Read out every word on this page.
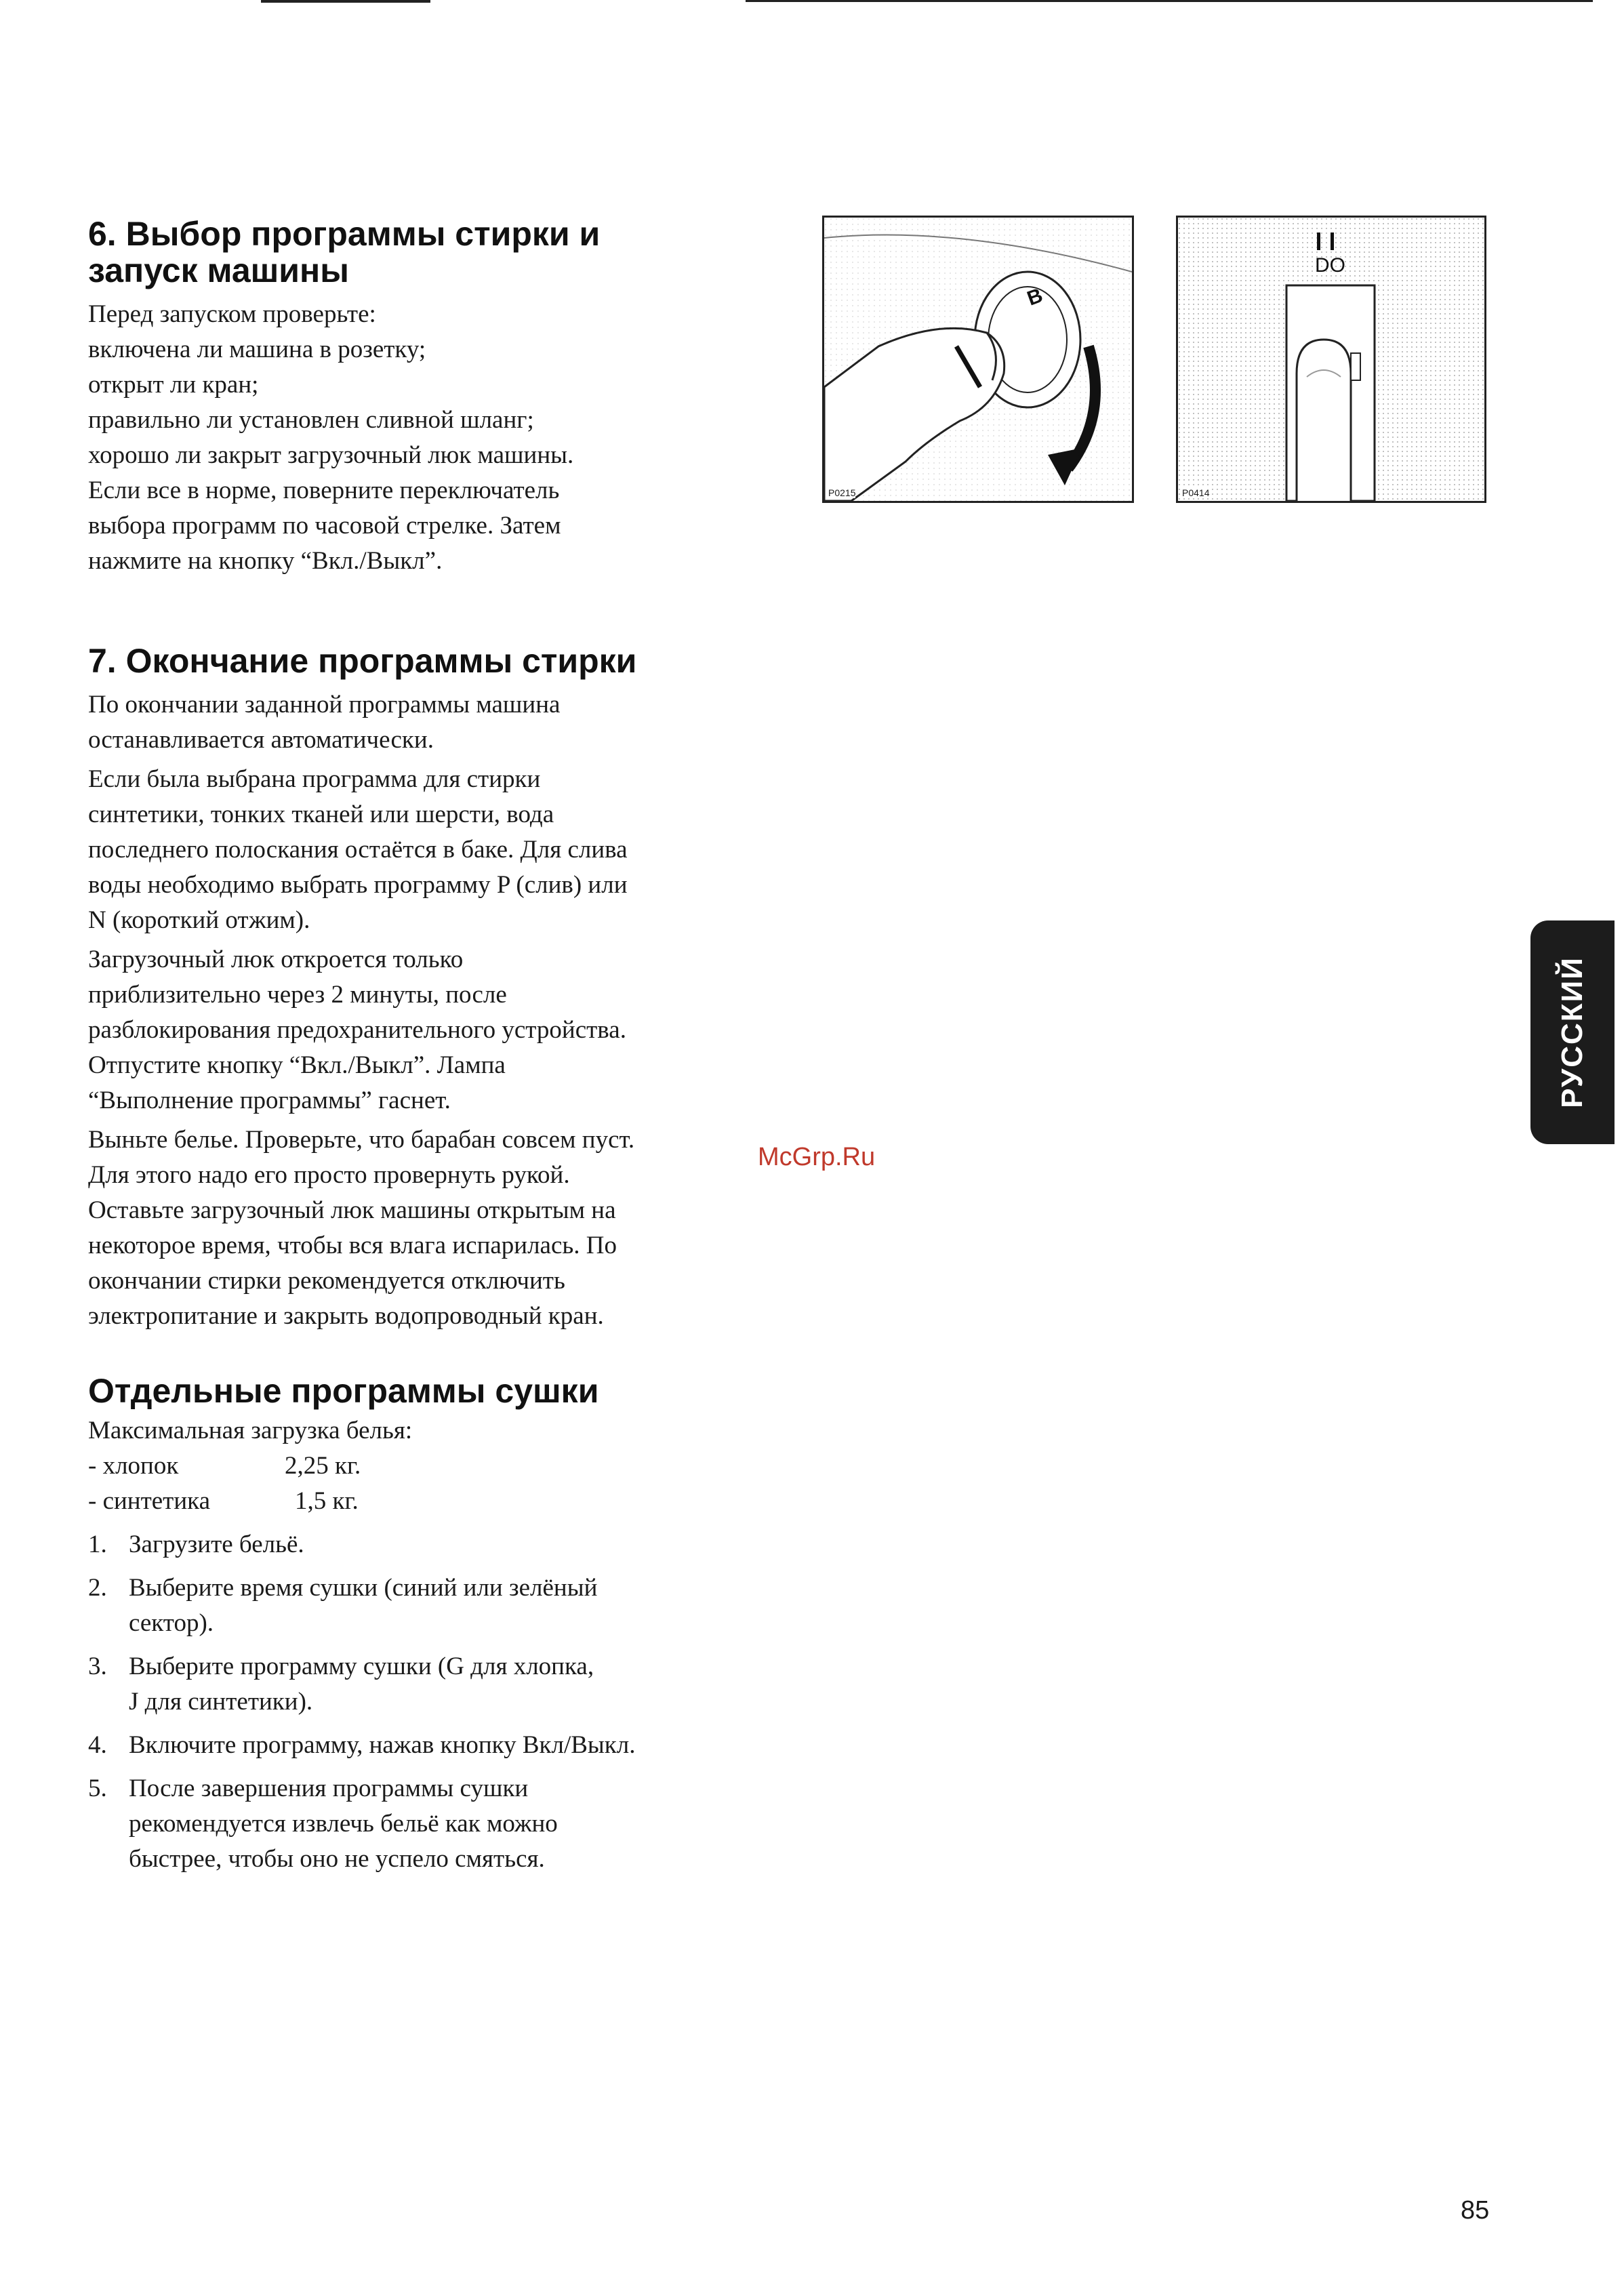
6. Выбор программы стирки и
запуск машины

Перед запуском проверьте:

включена ли машина в розетку;

открыт ли кран;

правильно ли установлен сливной шланг;

хорошо ли закрыт загрузочный люк машины.

Если все в норме, поверните переключатель

выбора программ по часовой стрелке. Затем

нажмите на кнопку “Вкл./Выкл”.

B
P0215
DO
P0414
7. Окончание программы стирки

По окончании заданной программы машина

останавливается автоматически.

Если была выбрана программа для стирки

синтетики, тонких тканей или шерсти, вода

последнего полоскания остаётся в баке. Для слива

воды необходимо выбрать программу P (слив) или

N (короткий отжим).

Загрузочный люк откроется только

приблизительно через 2 минуты, после

разблокирования предохранительного устройства.

Отпустите кнопку “Вкл./Выкл”. Лампа

“Выполнение программы” гаснет.

Выньте белье. Проверьте, что барабан совсем пуст.

Для этого надо его просто провернуть рукой.

Оставьте загрузочный люк машины открытым на

некоторое время, чтобы вся влага испарилась. По

окончании стирки рекомендуется отключить

электропитание и закрыть водопроводный кран.

Отдельные программы сушки

Максимальная загрузка белья:

- хлопок	2,25 кг.
- синтетика	1,5 кг.
1. Загрузите бельё.
2. Выберите время сушки (синий или зелёный
сектор).
3. Выберите программу сушки (G для хлопка,
J для синтетики).
4. Включите программу, нажав кнопку Вкл/Выкл.
5. После завершения программы сушки
рекомендуется извлечь бельё как можно
быстрее, чтобы оно не успело смяться.
РУССКИЙ
McGrp.Ru
85
